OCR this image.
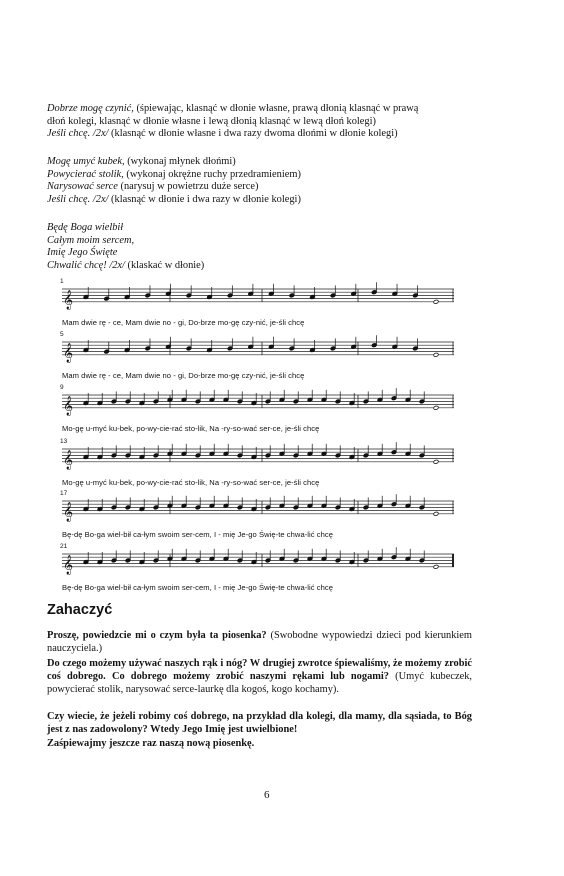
Dobrze mogę czynić, (śpiewając, klasnąć w dłonie własne, prawą dłonią klasnąć w prawą
dłoń kolegi, klasnąć w dłonie własne i lewą dłonią klasnąć w lewą dłoń kolegi)
Jeśli chcę. /2x/ (klasnąć w dłonie własne i dwa razy dwoma dłońmi w dłonie kolegi)
Mogę umyć kubek, (wykonaj młynek dłońmi)
Powycierać stolik, (wykonaj okrężne ruchy przedramieniem)
Narysować serce (narysuj w powietrzu duże serce)
Jeśli chcę. /2x/ (klasnąć w dłonie i dwa razy w dłonie kolegi)
Będę Boga wielbił
Całym moim sercem,
Imię Jego Święte
Chwalić chcę! /2x/ (klaskać w dłonie)
1
𝄞
Mam dwie rę - ce, Mam dwie no - gi, Do-brze mo-gę czy-nić, je-śli chcę
5
𝄞
Mam dwie rę - ce, Mam dwie no - gi, Do-brze mo-gę czy-nić, je-śli chcę
9
𝄞
Mo-gę u-myć ku-bek, po-wy-cie-rać sto-lik, Na -ry-so-wać ser-ce, je-śli chcę
13
𝄞
Mo-gę u-myć ku-bek, po-wy-cie-rać sto-lik, Na -ry-so-wać ser-ce, je-śli chcę
17
𝄞
Bę-dę Bo-ga wiel-bił ca-łym swoim ser-cem, I - mię Je-go Świę-te chwa-lić chcę
21
𝄞
Bę-dę Bo-ga wiel-bił ca-łym swoim ser-cem, I - mię Je-go Świę-te chwa-lić chcę
Zahaczyć
Proszę, powiedzcie mi o czym była ta piosenka? (Swobodne wypowiedzi dzieci pod kierunkiem nauczyciela.)
Do czego możemy używać naszych rąk i nóg? W drugiej zwrotce śpiewaliśmy, że możemy zrobić coś dobrego. Co dobrego możemy zrobić naszymi rękami lub nogami? (Umyć kubeczek, powycierać stolik, narysować serce-laurkę dla kogoś, kogo kochamy).
Czy wiecie, że jeżeli robimy coś dobrego, na przykład dla kolegi, dla mamy, dla sąsiada, to Bóg jest z nas zadowolony? Wtedy Jego Imię jest uwielbione!
Zaśpiewajmy jeszcze raz naszą nową piosenkę.
6
